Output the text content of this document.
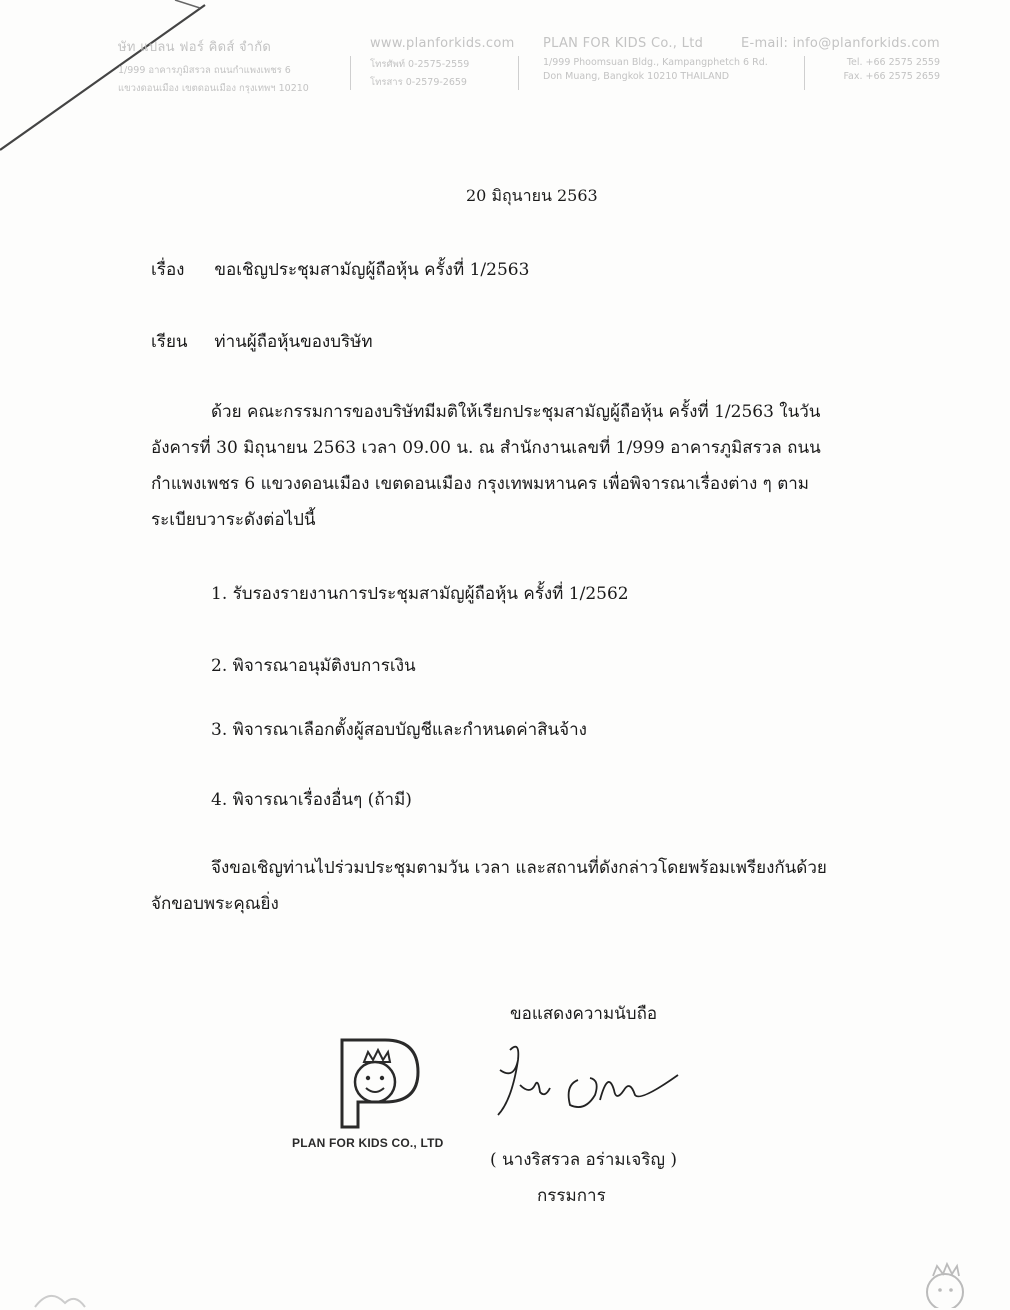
ษัท แปลน ฟอร์ คิดส์ จำกัด
1/999 อาคารภูมิสรวล ถนนกำแพงเพชร 6
แขวงดอนเมือง เขตดอนเมือง กรุงเทพฯ 10210
www.planforkids.com
โทรศัพท์ 0-2575-2559
โทรสาร 0-2579-2659
PLAN FOR KIDS Co., Ltd
1/999 Phoomsuan Bldg., Kampangphetch 6 Rd.
Don Muang, Bangkok 10210 THAILAND
E-mail: info@planforkids.com
Tel. +66 2575 2559
Fax. +66 2575 2659
20 มิถุนายน 2563
เรื่อง ขอเชิญประชุมสามัญผู้ถือหุ้น ครั้งที่ 1/2563
เรียน ท่านผู้ถือหุ้นของบริษัท
ด้วย คณะกรรมการของบริษัทมีมติให้เรียกประชุมสามัญผู้ถือหุ้น ครั้งที่ 1/2563 ในวัน
อังคารที่ 30 มิถุนายน 2563 เวลา 09.00 น. ณ สำนักงานเลขที่ 1/999 อาคารภูมิสรวล ถนน
กำแพงเพชร 6 แขวงดอนเมือง เขตดอนเมือง กรุงเทพมหานคร เพื่อพิจารณาเรื่องต่าง ๆ ตาม
ระเบียบวาระดังต่อไปนี้
1. รับรองรายงานการประชุมสามัญผู้ถือหุ้น ครั้งที่ 1/2562
2. พิจารณาอนุมัติงบการเงิน
3. พิจารณาเลือกตั้งผู้สอบบัญชีและกำหนดค่าสินจ้าง
4. พิจารณาเรื่องอื่นๆ (ถ้ามี)
จึงขอเชิญท่านไปร่วมประชุมตามวัน เวลา และสถานที่ดังกล่าวโดยพร้อมเพรียงกันด้วย
จักขอบพระคุณยิ่ง
ขอแสดงความนับถือ
PLAN FOR KIDS CO., LTD
( นางริสรวล อร่ามเจริญ )
กรรมการ
